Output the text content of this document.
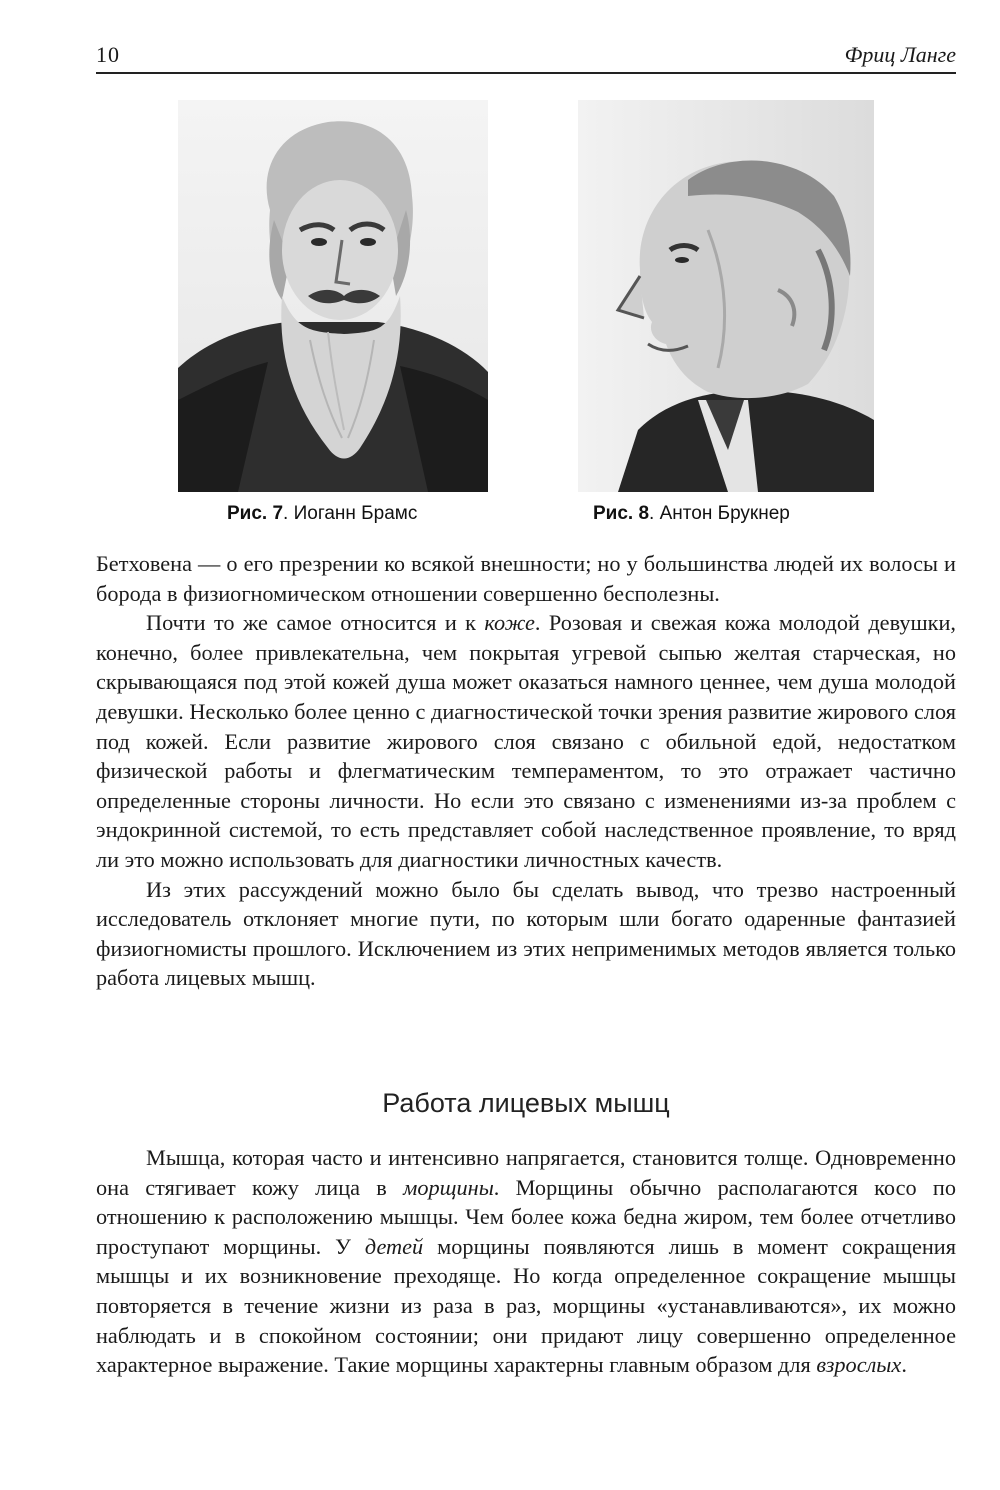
10	Фриц Ланге
Рис. 7. Иоганн Брамс	Рис. 8. Антон Брукнер

Бетховена — о его презрении ко всякой внешности; но у большинства людей их волосы и борода в физиогномическом отношении совершенно бесполезны.

Почти то же самое относится и к коже. Розовая и свежая кожа молодой девушки, конечно, более привлекательна, чем покрытая угревой сыпью желтая старческая, но скрывающаяся под этой кожей душа может оказаться намного ценнее, чем душа молодой девушки. Несколько более ценно с диагностической точки зрения развитие жирового слоя под кожей. Если развитие жирового слоя связано с обильной едой, недостатком физической работы и флегматическим темпераментом, то это отражает частично определенные стороны личности. Но если это связано с изменениями из-за проблем с эндокринной системой, то есть представляет собой наследственное проявление, то вряд ли это можно использовать для диагностики личностных качеств.

Из этих рассуждений можно было бы сделать вывод, что трезво настроенный исследователь отклоняет многие пути, по которым шли богато одаренные фантазией физиогномисты прошлого. Исключением из этих неприменимых методов является только работа лицевых мышц.

Работа лицевых мышц

Мышца, которая часто и интенсивно напрягается, становится толще. Одновременно она стягивает кожу лица в морщины. Морщины обычно располагаются косо по отношению к расположению мышцы. Чем более кожа бедна жиром, тем более отчетливо проступают морщины. У детей морщины появляются лишь в момент сокращения мышцы и их возникновение преходяще. Но когда определенное сокращение мышцы повторяется в течение жизни из раза в раз, морщины «устанавливаются», их можно наблюдать и в спокойном состоянии; они придают лицу совершенно определенное характерное выражение. Такие морщины характерны главным образом для взрослых.
